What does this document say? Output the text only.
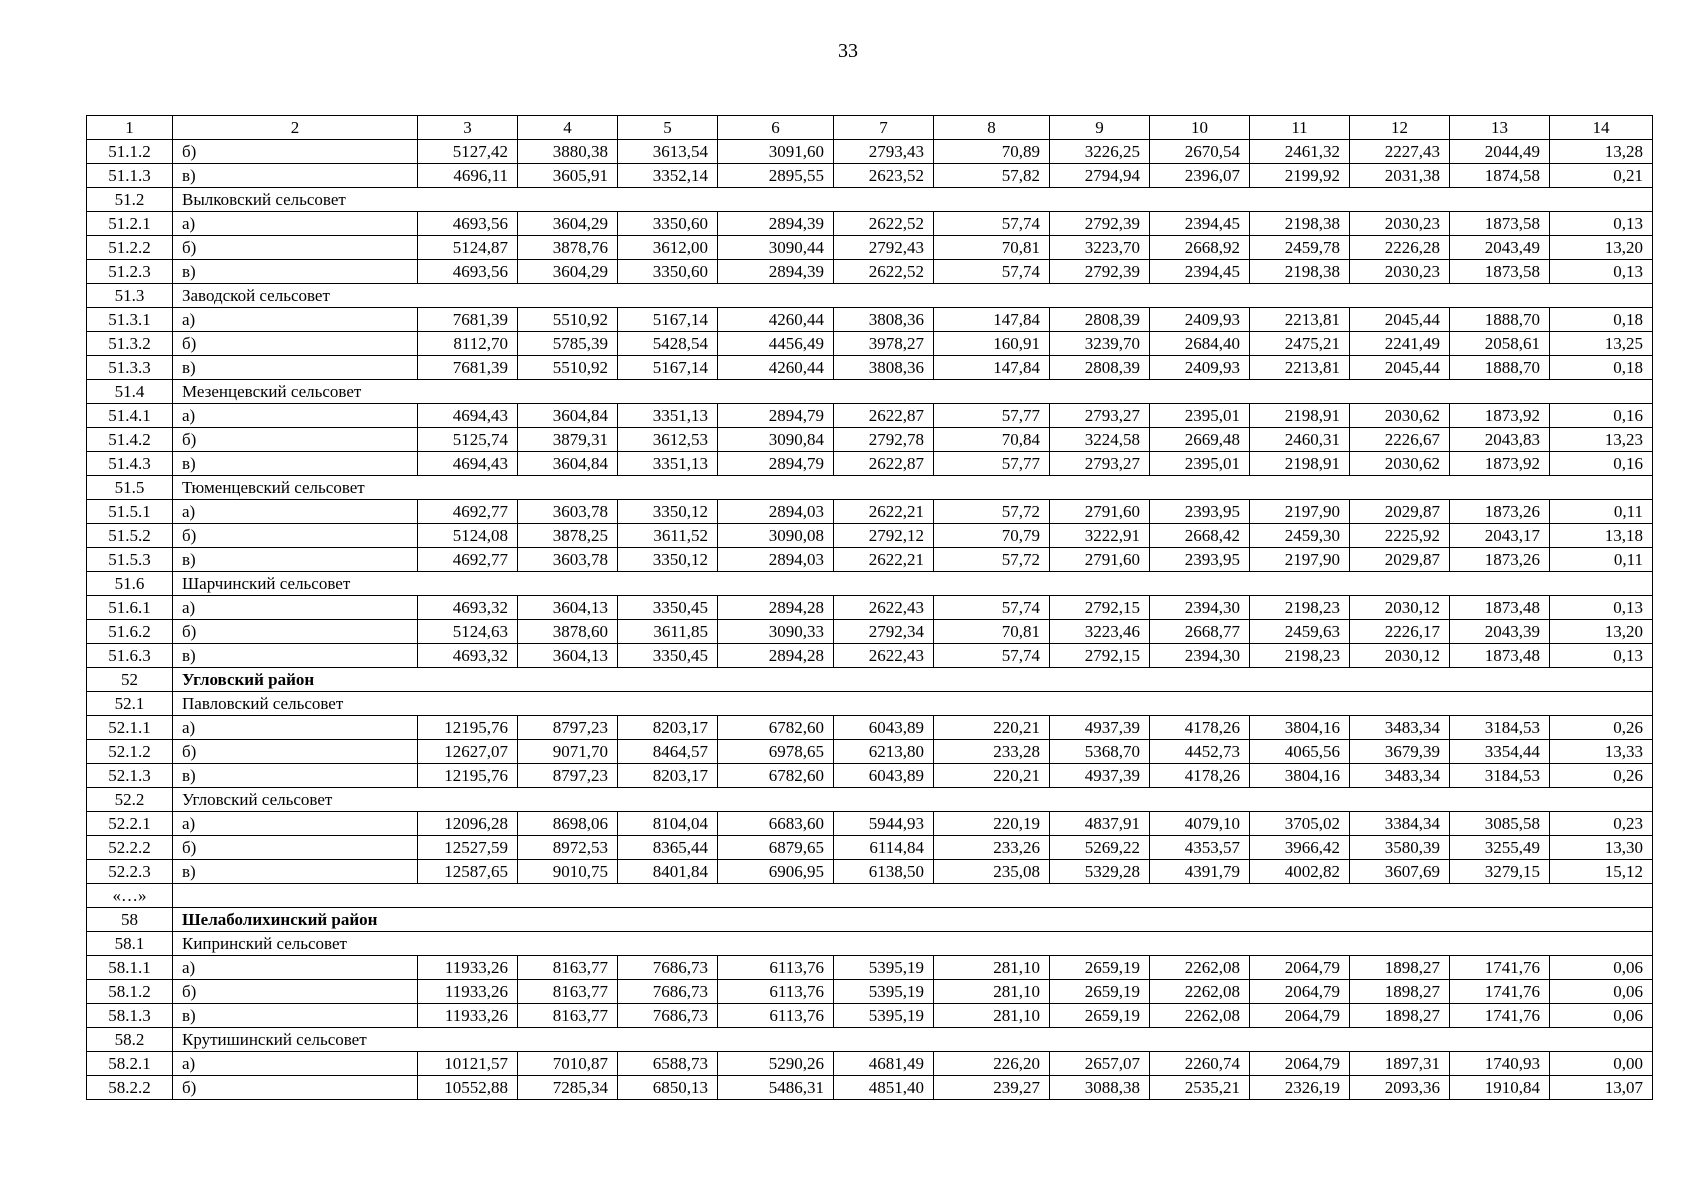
33
1	2	3	4	5	6	7	8	9	10	11	12	13	14
51.1.2	б)	5127,42	3880,38	3613,54	3091,60	2793,43	70,89	3226,25	2670,54	2461,32	2227,43	2044,49	13,28
51.1.3	в)	4696,11	3605,91	3352,14	2895,55	2623,52	57,82	2794,94	2396,07	2199,92	2031,38	1874,58	0,21
51.2	Вылковский сельсовет												
51.2.1	а)	4693,56	3604,29	3350,60	2894,39	2622,52	57,74	2792,39	2394,45	2198,38	2030,23	1873,58	0,13
51.2.2	б)	5124,87	3878,76	3612,00	3090,44	2792,43	70,81	3223,70	2668,92	2459,78	2226,28	2043,49	13,20
51.2.3	в)	4693,56	3604,29	3350,60	2894,39	2622,52	57,74	2792,39	2394,45	2198,38	2030,23	1873,58	0,13
51.3	Заводской сельсовет												
51.3.1	а)	7681,39	5510,92	5167,14	4260,44	3808,36	147,84	2808,39	2409,93	2213,81	2045,44	1888,70	0,18
51.3.2	б)	8112,70	5785,39	5428,54	4456,49	3978,27	160,91	3239,70	2684,40	2475,21	2241,49	2058,61	13,25
51.3.3	в)	7681,39	5510,92	5167,14	4260,44	3808,36	147,84	2808,39	2409,93	2213,81	2045,44	1888,70	0,18
51.4	Мезенцевский сельсовет												
51.4.1	а)	4694,43	3604,84	3351,13	2894,79	2622,87	57,77	2793,27	2395,01	2198,91	2030,62	1873,92	0,16
51.4.2	б)	5125,74	3879,31	3612,53	3090,84	2792,78	70,84	3224,58	2669,48	2460,31	2226,67	2043,83	13,23
51.4.3	в)	4694,43	3604,84	3351,13	2894,79	2622,87	57,77	2793,27	2395,01	2198,91	2030,62	1873,92	0,16
51.5	Тюменцевский сельсовет												
51.5.1	а)	4692,77	3603,78	3350,12	2894,03	2622,21	57,72	2791,60	2393,95	2197,90	2029,87	1873,26	0,11
51.5.2	б)	5124,08	3878,25	3611,52	3090,08	2792,12	70,79	3222,91	2668,42	2459,30	2225,92	2043,17	13,18
51.5.3	в)	4692,77	3603,78	3350,12	2894,03	2622,21	57,72	2791,60	2393,95	2197,90	2029,87	1873,26	0,11
51.6	Шарчинский сельсовет												
51.6.1	а)	4693,32	3604,13	3350,45	2894,28	2622,43	57,74	2792,15	2394,30	2198,23	2030,12	1873,48	0,13
51.6.2	б)	5124,63	3878,60	3611,85	3090,33	2792,34	70,81	3223,46	2668,77	2459,63	2226,17	2043,39	13,20
51.6.3	в)	4693,32	3604,13	3350,45	2894,28	2622,43	57,74	2792,15	2394,30	2198,23	2030,12	1873,48	0,13
52	Угловский район												
52.1	Павловский сельсовет												
52.1.1	а)	12195,76	8797,23	8203,17	6782,60	6043,89	220,21	4937,39	4178,26	3804,16	3483,34	3184,53	0,26
52.1.2	б)	12627,07	9071,70	8464,57	6978,65	6213,80	233,28	5368,70	4452,73	4065,56	3679,39	3354,44	13,33
52.1.3	в)	12195,76	8797,23	8203,17	6782,60	6043,89	220,21	4937,39	4178,26	3804,16	3483,34	3184,53	0,26
52.2	Угловский сельсовет												
52.2.1	а)	12096,28	8698,06	8104,04	6683,60	5944,93	220,19	4837,91	4079,10	3705,02	3384,34	3085,58	0,23
52.2.2	б)	12527,59	8972,53	8365,44	6879,65	6114,84	233,26	5269,22	4353,57	3966,42	3580,39	3255,49	13,30
52.2.3	в)	12587,65	9010,75	8401,84	6906,95	6138,50	235,08	5329,28	4391,79	4002,82	3607,69	3279,15	15,12
«…»													
58	Шелаболихинский район												
58.1	Кипринский сельсовет												
58.1.1	а)	11933,26	8163,77	7686,73	6113,76	5395,19	281,10	2659,19	2262,08	2064,79	1898,27	1741,76	0,06
58.1.2	б)	11933,26	8163,77	7686,73	6113,76	5395,19	281,10	2659,19	2262,08	2064,79	1898,27	1741,76	0,06
58.1.3	в)	11933,26	8163,77	7686,73	6113,76	5395,19	281,10	2659,19	2262,08	2064,79	1898,27	1741,76	0,06
58.2	Крутишинский сельсовет												
58.2.1	а)	10121,57	7010,87	6588,73	5290,26	4681,49	226,20	2657,07	2260,74	2064,79	1897,31	1740,93	0,00
58.2.2	б)	10552,88	7285,34	6850,13	5486,31	4851,40	239,27	3088,38	2535,21	2326,19	2093,36	1910,84	13,07
